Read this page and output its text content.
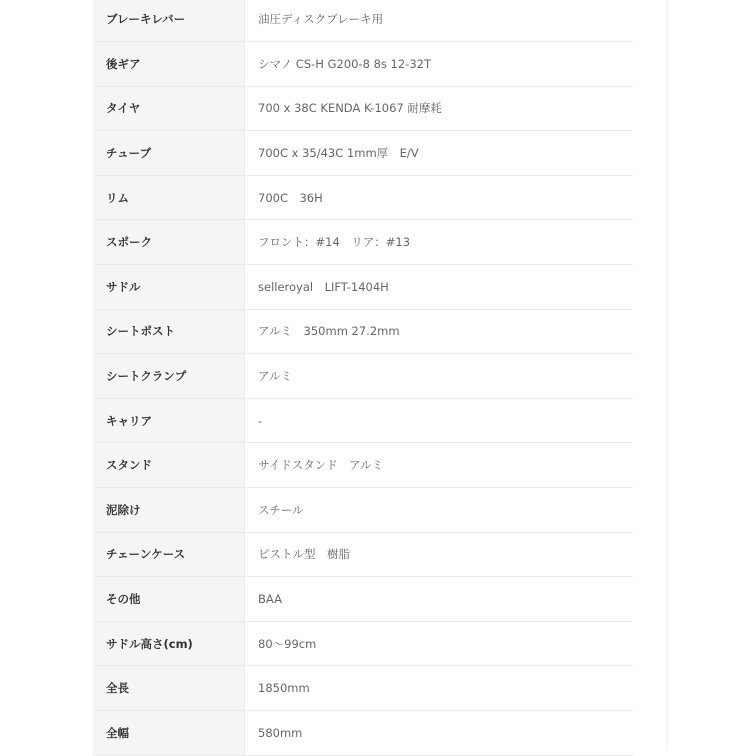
ブレーキレバー	油圧ディスクブレーキ用
後ギア	シマノ CS-H G200-8 8s 12-32T
タイヤ	700 x 38C KENDA K-1067 耐摩耗
チューブ	700C x 35/43C 1mm厚　E/V
リム	700C　36H
スポーク	フロント：#14　リア：#13
サドル	selleroyal　LIFT-1404H
シートポスト	アルミ　350mm 27.2mm
シートクランプ	アルミ
キャリア	-
スタンド	サイドスタンド　アルミ
泥除け	スチール
チェーンケース	ピストル型　樹脂
その他	BAA
サドル高さ(cm)	80～99cm
全長	1850mm
全幅	580mm
